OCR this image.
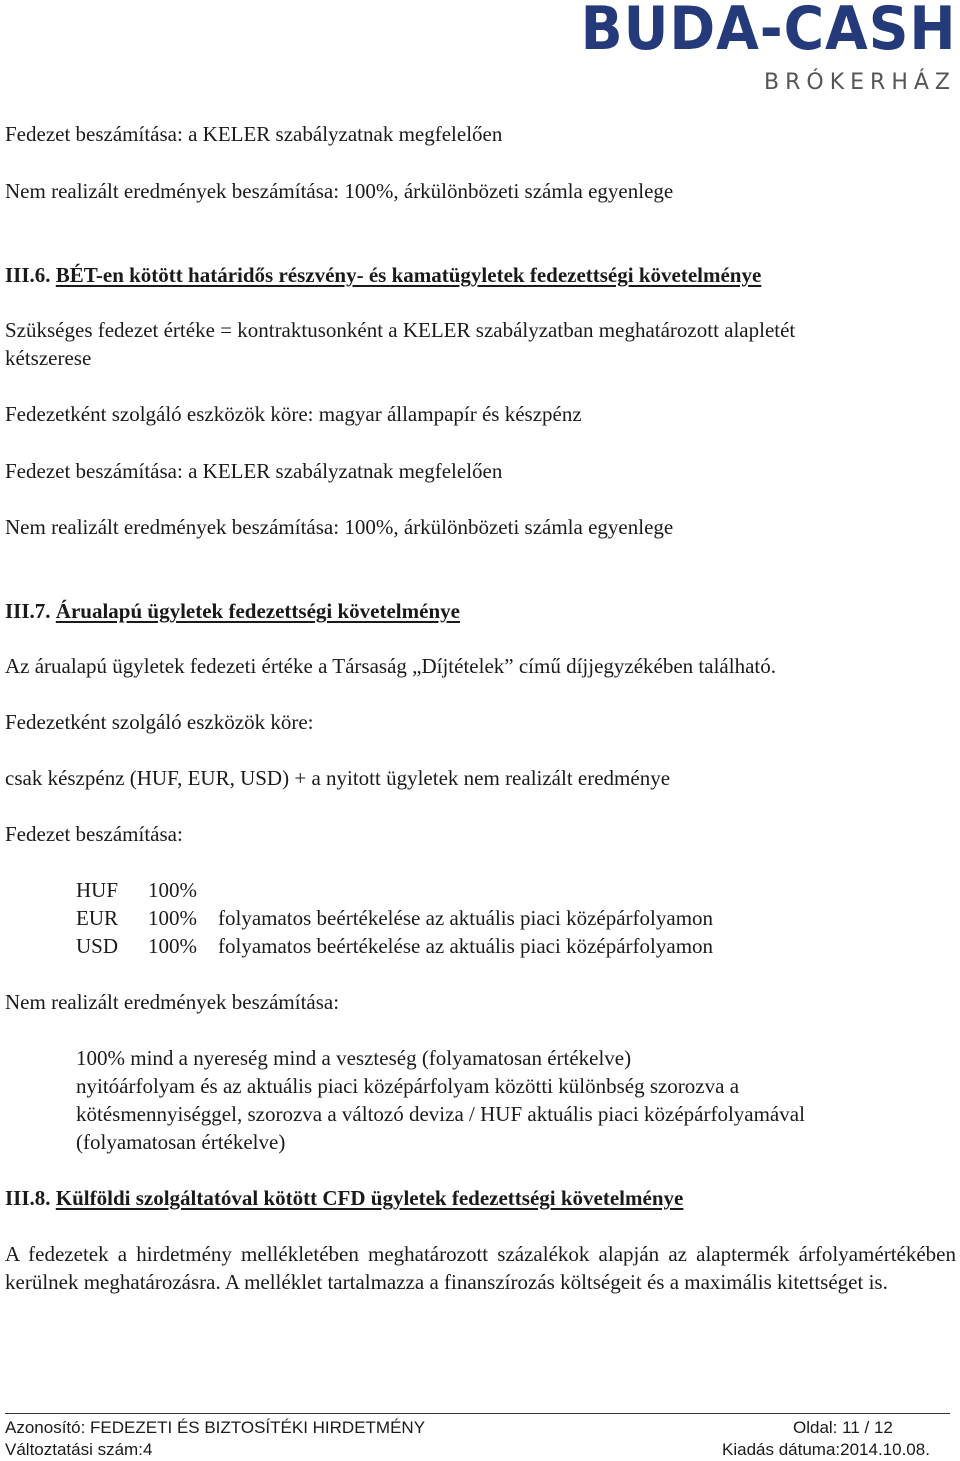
BUDA-CASH
BRÓKERHÁZ
Fedezet beszámítása: a KELER szabályzatnak megfelelően
Nem realizált eredmények beszámítása: 100%, árkülönbözeti számla egyenlege
III.6. BÉT-en kötött határidős részvény- és kamatügyletek fedezettségi követelménye
Szükséges fedezet értéke = kontraktusonként a KELER szabályzatban meghatározott alapletét
kétszerese
Fedezetként szolgáló eszközök köre: magyar állampapír és készpénz
Fedezet beszámítása: a KELER szabályzatnak megfelelően
Nem realizált eredmények beszámítása: 100%, árkülönbözeti számla egyenlege
III.7. Árualapú ügyletek fedezettségi követelménye
Az árualapú ügyletek fedezeti értéke a Társaság „Díjtételek” című díjjegyzékében található.
Fedezetként szolgáló eszközök köre:
csak készpénz (HUF, EUR, USD) + a nyitott ügyletek nem realizált eredménye
Fedezet beszámítása:
HUF 100%
EUR 100% folyamatos beértékelése az aktuális piaci középárfolyamon
USD 100% folyamatos beértékelése az aktuális piaci középárfolyamon
Nem realizált eredmények beszámítása:
100% mind a nyereség mind a veszteség (folyamatosan értékelve)
nyitóárfolyam és az aktuális piaci középárfolyam közötti különbség szorozva a
kötésmennyiséggel, szorozva a változó deviza / HUF aktuális piaci középárfolyamával
(folyamatosan értékelve)
III.8. Külföldi szolgáltatóval kötött CFD ügyletek fedezettségi követelménye
A fedezetek a hirdetmény mellékletében meghatározott százalékok alapján az alaptermék árfolyamértékében kerülnek meghatározásra. A melléklet tartalmazza a finanszírozás költségeit és a maximális kitettséget is.
Azonosító: FEDEZETI ÉS BIZTOSÍTÉKI HIRDETMÉNY	Oldal: 11 / 12
Változtatási szám:4	Kiadás dátuma:2014.10.08.
